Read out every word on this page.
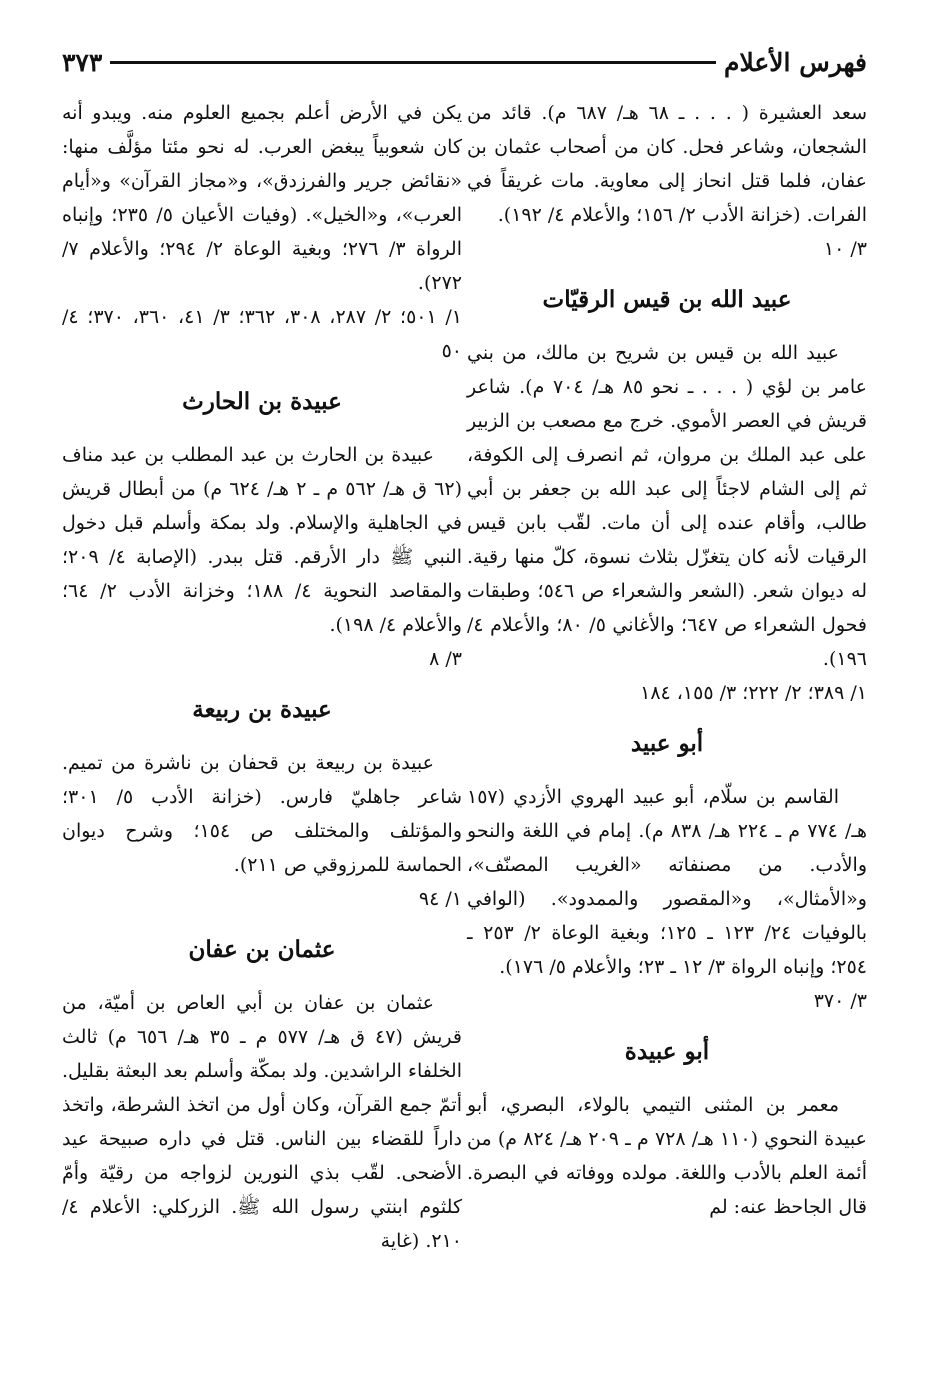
فهرس الأعلام
٣٧٣

سعد العشيرة ( . . . ـ ٦٨ هـ/ ٦٨٧ م). قائد من الشجعان، وشاعر فحل. كان من أصحاب عثمان بن عفان، فلما قتل انحاز إلى معاوية. مات غريقاً في الفرات. (خزانة الأدب ٢/ ١٥٦؛ والأعلام ٤/ ١٩٢).

٣/ ١٠

عبيد الله بن قيس الرقيّات

عبيد الله بن قيس بن شريح بن مالك، من بني عامر بن لؤي ( . . . ـ نحو ٨٥ هـ/ ٧٠٤ م). شاعر قريش في العصر الأموي. خرج مع مصعب بن الزبير على عبد الملك بن مروان، ثم انصرف إلى الكوفة، ثم إلى الشام لاجئاً إلى عبد الله بن جعفر بن أبي طالب، وأقام عنده إلى أن مات. لقّب بابن قيس الرقيات لأنه كان يتغزّل بثلاث نسوة، كلّ منها رقية. له ديوان شعر. (الشعر والشعراء ص ٥٤٦؛ وطبقات فحول الشعراء ص ٦٤٧؛ والأغاني ٥/ ٨٠؛ والأعلام ٤/ ١٩٦).

١/ ٣٨٩؛ ٢/ ٢٢٢؛ ٣/ ١٥٥، ١٨٤

أبو عبيد

القاسم بن سلّام، أبو عبيد الهروي الأزدي (١٥٧ هـ/ ٧٧٤ م ـ ٢٢٤ هـ/ ٨٣٨ م). إمام في اللغة والنحو والأدب. من مصنفاته «الغريب المصنّف»، و«الأمثال»، و«المقصور والممدود». (الوافي بالوفيات ٢٤/ ١٢٣ ـ ١٢٥؛ وبغية الوعاة ٢/ ٢٥٣ ـ ٢٥٤؛ وإنباه الرواة ٣/ ١٢ ـ ٢٣؛ والأعلام ٥/ ١٧٦).

٣/ ٣٧٠

أبو عبيدة

معمر بن المثنى التيمي بالولاء، البصري، أبو عبيدة النحوي (١١٠ هـ/ ٧٢٨ م ـ ٢٠٩ هـ/ ٨٢٤ م) من أئمة العلم بالأدب واللغة. مولده ووفاته في البصرة. قال الجاحظ عنه: لم

يكن في الأرض أعلم بجميع العلوم منه. ويبدو أنه كان شعوبياً يبغض العرب. له نحو مئتا مؤلَّف منها: «نقائض جرير والفرزدق»، و«مجاز القرآن» و«أيام العرب»، و«الخيل». (وفيات الأعيان ٥/ ٢٣٥؛ وإنباه الرواة ٣/ ٢٧٦؛ وبغية الوعاة ٢/ ٢٩٤؛ والأعلام ٧/ ٢٧٢).

١/ ٥٠١؛ ٢/ ٢٨٧، ٣٠٨، ٣٦٢؛ ٣/ ٤١، ٣٦٠، ٣٧٠؛ ٤/ ٥٠

عبيدة بن الحارث

عبيدة بن الحارث بن عبد المطلب بن عبد مناف (٦٢ ق هـ/ ٥٦٢ م ـ ٢ هـ/ ٦٢٤ م) من أبطال قريش في الجاهلية والإسلام. ولد بمكة وأسلم قبل دخول النبي ﷺ دار الأرقم. قتل ببدر. (الإصابة ٤/ ٢٠٩؛ والمقاصد النحوية ٤/ ١٨٨؛ وخزانة الأدب ٢/ ٦٤؛ والأعلام ٤/ ١٩٨).

٣/ ٨

عبيدة بن ربيعة

عبيدة بن ربيعة بن قحفان بن ناشرة من تميم. شاعر جاهليّ فارس. (خزانة الأدب ٥/ ٣٠١؛ والمؤتلف والمختلف ص ١٥٤؛ وشرح ديوان الحماسة للمرزوقي ص ٢١١).

١/ ٩٤

عثمان بن عفان

عثمان بن عفان بن أبي العاص بن أميّة، من قريش (٤٧ ق هـ/ ٥٧٧ م ـ ٣٥ هـ/ ٦٥٦ م) ثالث الخلفاء الراشدين. ولد بمكّة وأسلم بعد البعثة بقليل. أتمّ جمع القرآن، وكان أول من اتخذ الشرطة، واتخذ داراً للقضاء بين الناس. قتل في داره صبيحة عيد الأضحى. لقّب بذي النورين لزواجه من رقيّة وأمّ كلثوم ابنتي رسول الله ﷺ. الزركلي: الأعلام ٤/ ٢١٠. (غاية
